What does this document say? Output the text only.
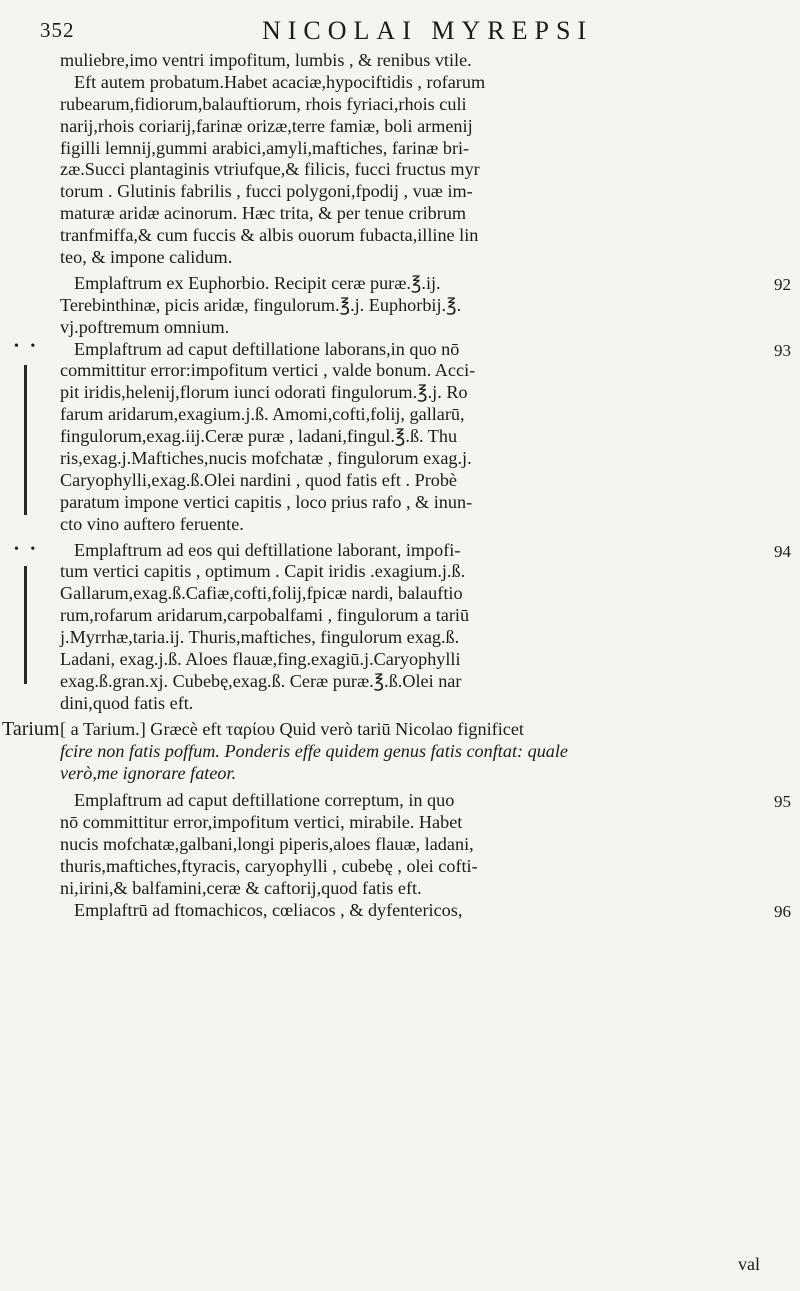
352	NICOLAI MYREPSI
muliebre,imo ventri impofitum, lumbis , & renibus vtile.
Eft autem probatum.Habet acaciæ,hypociftidis , rofarum
rubearum,fidiorum,balauftiorum, rhois fyriaci,rhois culi
narij,rhois coriarij,farinæ orizæ,terre famiæ, boli armenij
figilli lemnij,gummi arabici,amyli,maftiches, farinæ bri-
zæ.Succi plantaginis vtriufque,& filicis, fucci fructus myr
torum . Glutinis fabrilis , fucci polygoni,fpodij , vuæ im-
maturæ aridæ acinorum. Hæc trita, & per tenue cribrum
tranfmiffa,& cum fuccis & albis ouorum fubacta,illine lin
teo, & impone calidum.
Emplaftrum ex Euphorbio. Recipit ceræ puræ.℥.ij.
Terebinthinæ, picis aridæ, fingulorum.℥.j. Euphorbij.℥.
vj.poftremum omnium.
92
• •	Emplaftrum ad caput deftillatione laborans,in quo nō
committitur error:impofitum vertici , valde bonum. Acci-
pit iridis,helenij,florum iunci odorati fingulorum.℥.j. Ro
farum aridarum,exagium.j.ß. Amomi,cofti,folij, gallarū,
fingulorum,exag.iij.Ceræ puræ , ladani,fingul.℥.ß. Thu
ris,exag.j.Maftiches,nucis mofchatæ , fingulorum exag.j.
Caryophylli,exag.ß.Olei nardini , quod fatis eft . Probè
paratum impone vertici capitis , loco prius rafo , & inun-
cto vino auftero feruente.
93
• •	Emplaftrum ad eos qui deftillatione laborant, impofi-
tum vertici capitis , optimum . Capit iridis .exagium.j.ß.
Gallarum,exag.ß.Cafiæ,cofti,folij,fpicæ nardi, balauftio
rum,rofarum aridarum,carpobalfami , fingulorum a tariū
j.Myrrhæ,taria.ij. Thuris,maftiches, fingulorum exag.ß.
Ladani, exag.j.ß. Aloes flauæ,fing.exagiū.j.Caryophylli
exag.ß.gran.xj. Cubebę,exag.ß. Ceræ puræ.℥.ß.Olei nar
dini,quod fatis eft.
94
Tarium [ a Tarium.] Græcè eft ταρίου Quid verò tariū Nicolao fignificet
fcire non fatis poffum. Ponderis effe quidem genus fatis conftat: quale
verò,me ignorare fateor.
Emplaftrum ad caput deftillatione correptum, in quo
nō committitur error,impofitum vertici, mirabile. Habet
nucis mofchatæ,galbani,longi piperis,aloes flauæ, ladani,
thuris,maftiches,ftyracis, caryophylli , cubebę , olei cofti-
ni,irini,& balfamini,ceræ & caftorij,quod fatis eft.
Emplaftrū ad ftomachicos, cœliacos , & dyfentericos,
95
96
val
